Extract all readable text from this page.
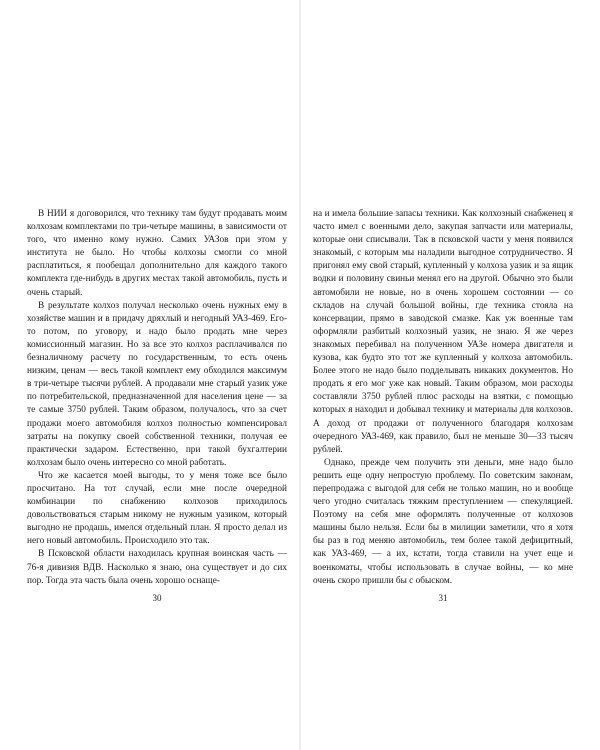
В НИИ я договорился, что технику там будут продавать моим колхозам комплектами по три-четыре машины, в зависимости от того, что именно кому нужно. Самих УАЗов при этом у института не было. Но чтобы колхозы смогли со мной расплатиться, я пообещал дополнительно для каждого такого комплекта где-нибудь в других местах такой автомобиль, пусть и очень старый.

В результате колхоз получал несколько очень нужных ему в хозяйстве машин и в придачу дряхлый и негодный УАЗ-469. Его-то потом, по уговору, и надо было продать мне через комиссионный магазин. Но за все это колхоз расплачивался по безналичному расчету по государственным, то есть очень низким, ценам — весь такой комплект ему обходился максимум в три-четыре тысячи рублей. А продавали мне старый уазик уже по потребительской, предназначенной для населения цене — за те самые 3750 рублей. Таким образом, получалось, что за счет продажи моего автомобиля колхоз полностью компенсировал затраты на покупку своей собственной техники, получая ее практически задаром. Естественно, при такой бухгалтерии колхозам было очень интересно со мной работать.

Что же касается моей выгоды, то у меня тоже все было просчитано. На тот случай, если мне после очередной комбинации по снабжению колхозов приходилось довольствоваться старым никому не нужным уазиком, который выгодно не продашь, имелся отдельный план. Я просто делал из него новый автомобиль. Происходило это так.

В Псковской области находилась крупная воинская часть — 76-я дивизия ВДВ. Насколько я знаю, она существует и до сих пор. Тогда эта часть была очень хорошо оснаще-

30

на и имела большие запасы техники. Как колхозный снабженец я часто имел с военными дело, закупая запчасти или материалы, которые они списывали. Так в псковской части у меня появился знакомый, с которым мы наладили выгодное сотрудничество. Я пригонял ему свой старый, купленный у колхоза уазик и за ящик водки и половину свиньи менял его на другой. Обычно это были автомобили не новые, но в очень хорошем состоянии — со складов на случай большой войны, где техника стояла на консервации, прямо в заводской смазке. Как уж военные там оформляли разбитый колхозный уазик, не знаю. Я же через знакомых перебивал на полученном УАЗе номера двигателя и кузова, как будто это тот же купленный у колхоза автомобиль. Более этого не надо было подделывать никаких документов. Но продать я его мог уже как новый. Таким образом, мои расходы составляли 3750 рублей плюс расходы на взятки, с помощью которых я находил и добывал технику и материалы для колхозов. А доход от продажи от полученного благодаря колхозам очередного УАЗ-469, как правило, был не меньше 30—33 тысяч рублей.

Однако, прежде чем получить эти деньги, мне надо было решить еще одну непростую проблему. По советским законам, перепродажа с выгодой для себя не только машин, но и вообще чего угодно считалась тяжким преступлением — спекуляцией. Поэтому на себя мне оформлять полученные от колхозов машины было нельзя. Если бы в милиции заметили, что я хотя бы раз в год меняю автомобиль, тем более такой дефицитный, как УАЗ-469, — а их, кстати, тогда ставили на учет еще и военкоматы, чтобы использовать в случае войны, — ко мне очень скоро пришли бы с обыском.

31
